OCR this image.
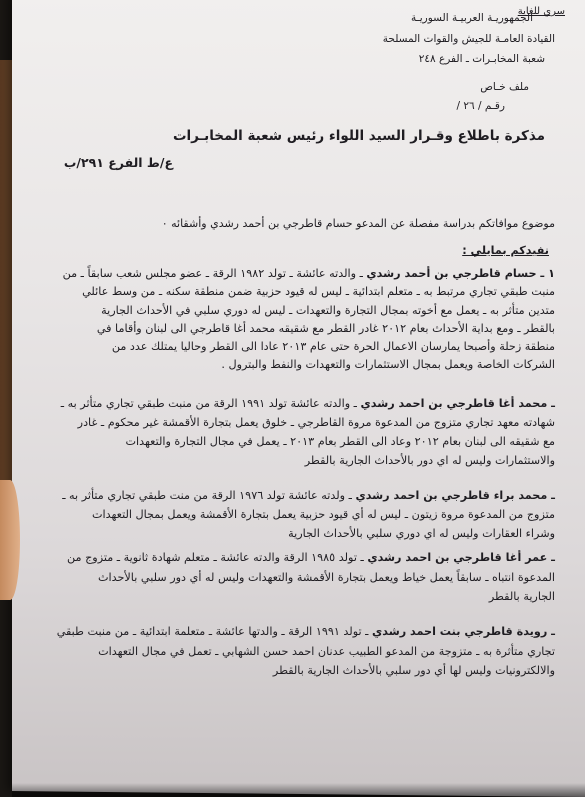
سري للغاية
الجمهوريـة العربيـة السوريـة
القيادة العامـة للجيش والقوات المسلحة
شعبة المخابـرات ـ الفرع ٢٤٨
ملف خـاص
رقـم / ٢٦ /
مذكرة باطلاع وقـرار السيد اللواء رئيس شعبة المخابـرات
ع/ط الفرع ٢٩١/ب
موضوع موافاتكم بدراسة مفصلة عن المدعو حسام قاطرجي بن أحمد رشدي وأشقائه ٠
نفيدكم بمايلي :

١ ـ حسام قاطرجي بن أحمد رشدي ـ والدته عائشة ـ تولد ١٩٨٢ الرقة ـ عضو مجلس شعب سابقاً ـ من

منبت طبقي تجاري مرتبط به ـ متعلم ابتدائية ـ ليس له قيود حزبية ضمن منطقة سكنه ـ من وسط عائلي

متدين متأثر به ـ يعمل مع أخوته بمجال التجارة والتعهدات ـ ليس له دوري سلبي في الأحداث الجارية

بالقطر ـ ومع بداية الأحداث بعام ٢٠١٢ غادر القطر مع شقيقه محمد أغا قاطرجي الى لبنان وأقاما في

منطقة زحلة وأصبحا يمارسان الاعمال الحرة حتى عام ٢٠١٣ عادا الى القطر وحاليا يمتلك عدد من

الشركات الخاصة ويعمل بمجال الاستثمارات والتعهدات والنفط والبترول .

ـ محمد أغا قاطرجي بن احمد رشدي ـ والدته عائشة تولد ١٩٩١ الرقة من منبت طبقي تجاري متأثر به ـ

شهادته معهد تجاري متزوج من المدعوة مروة القاطرجي ـ خلوق يعمل بتجارة الأقمشة غير محكوم ـ غادر

مع شقيقه الى لبنان بعام ٢٠١٢ وعاد الى القطر بعام ٢٠١٣ ـ يعمل في مجال التجارة والتعهدات

والاستثمارات وليس له اي دور بالأحداث الجارية بالقطر

ـ محمد براء قاطرجي بن احمد رشدي ـ ولدته عائشة تولد ١٩٧٦ الرقة من منت طبقي تجاري متأثر به ـ

متزوج من المدعوة مروة زيتون ـ ليس له أي قيود حزبية يعمل بتجارة الأقمشة ويعمل بمجال التعهدات

وشراء العقارات وليس له اي دوري سلبي بالأحداث الجارية

ـ عمر أغا قاطرجي بن احمد رشدي ـ تولد ١٩٨٥ الرقة والدته عائشة ـ متعلم شهادة ثانوية ـ متزوج من

المدعوة انتباه ـ سابقاً يعمل خياط ويعمل بتجارة الأقمشة والتعهدات وليس له أي دور سلبي بالأحداث

الجارية بالقطر

ـ رويدة قاطرجي بنت احمد رشدي ـ تولد ١٩٩١ الرقة ـ والدتها عائشة ـ متعلمة ابتدائية ـ من منبت طبقي

تجاري متأثرة به ـ متزوجة من المدعو الطبيب عدنان احمد حسن الشهابي ـ تعمل في مجال التعهدات

والالكترونيات وليس لها أي دور سلبي بالأحداث الجارية بالقطر
